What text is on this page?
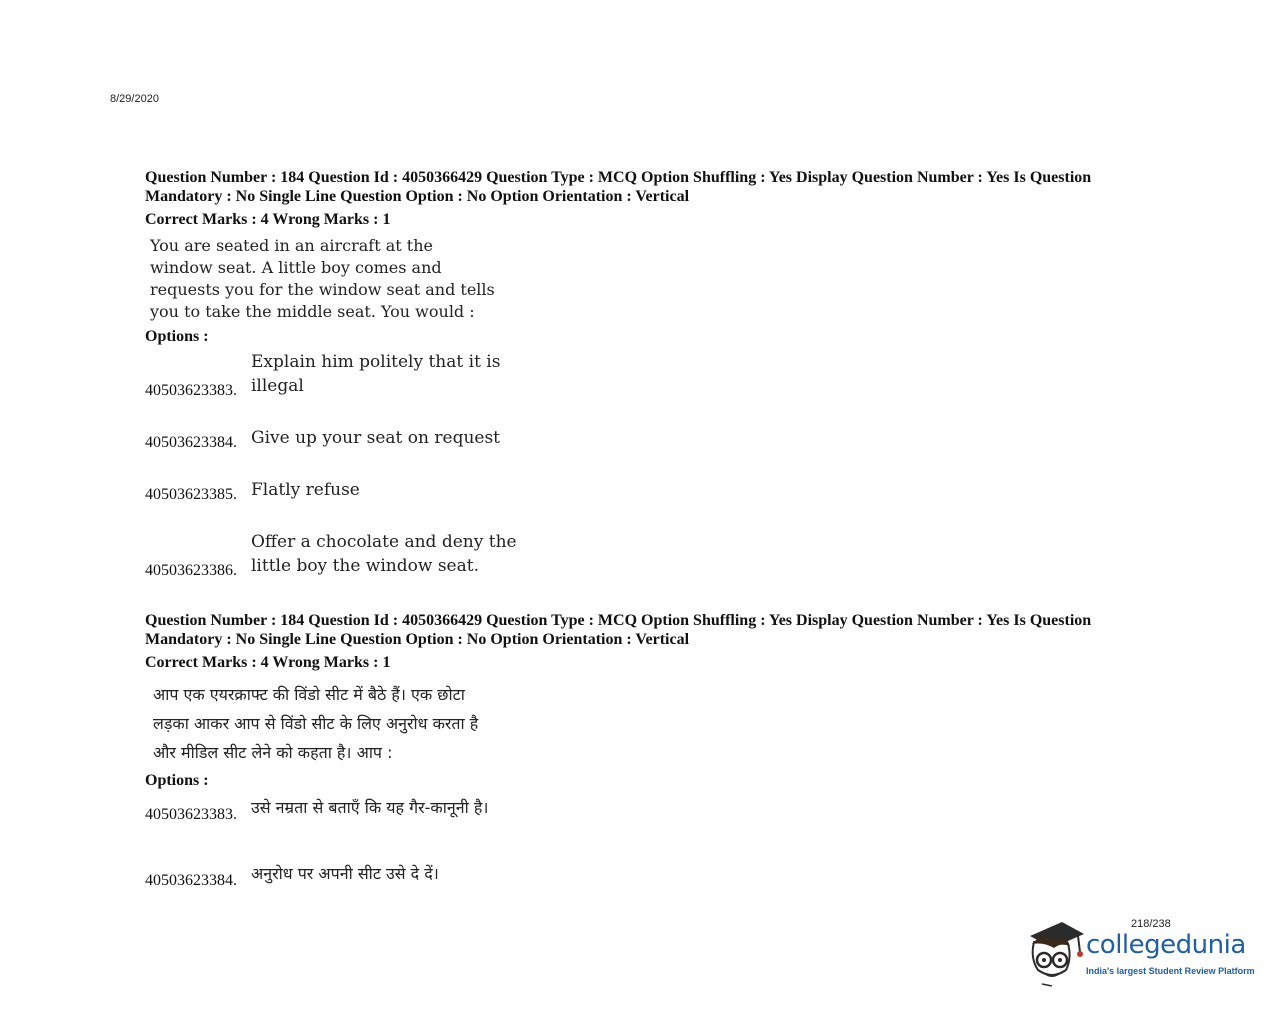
8/29/2020

Question Number : 184 Question Id : 4050366429 Question Type : MCQ Option Shuffling : Yes Display Question Number : Yes Is Question Mandatory : No Single Line Question Option : No Option Orientation : Vertical

Correct Marks : 4 Wrong Marks : 1

You are seated in an aircraft at the window seat. A little boy comes and requests you for the window seat and tells you to take the middle seat. You would :

Options :

40503623383.
Explain him politely that it is illegal
40503623384. Give up your seat on request
40503623385. Flatly refuse
40503623386.
Offer a chocolate and deny the little boy the window seat.

Question Number : 184 Question Id : 4050366429 Question Type : MCQ Option Shuffling : Yes Display Question Number : Yes Is Question Mandatory : No Single Line Question Option : No Option Orientation : Vertical

Correct Marks : 4 Wrong Marks : 1

आप एक एयरक्राफ्ट की विंडो सीट में बैठे हैं। एक छोटा लड़का आकर आप से विंडो सीट के लिए अनुरोध करता है और मीडिल सीट लेने को कहता है। आप :

Options :

40503623383. उसे नम्रता से बताएँ कि यह गैर-कानूनी है।
40503623384. अनुरोध पर अपनी सीट उसे दे दें।
218/238
collegedunia
India's largest Student Review Platform
